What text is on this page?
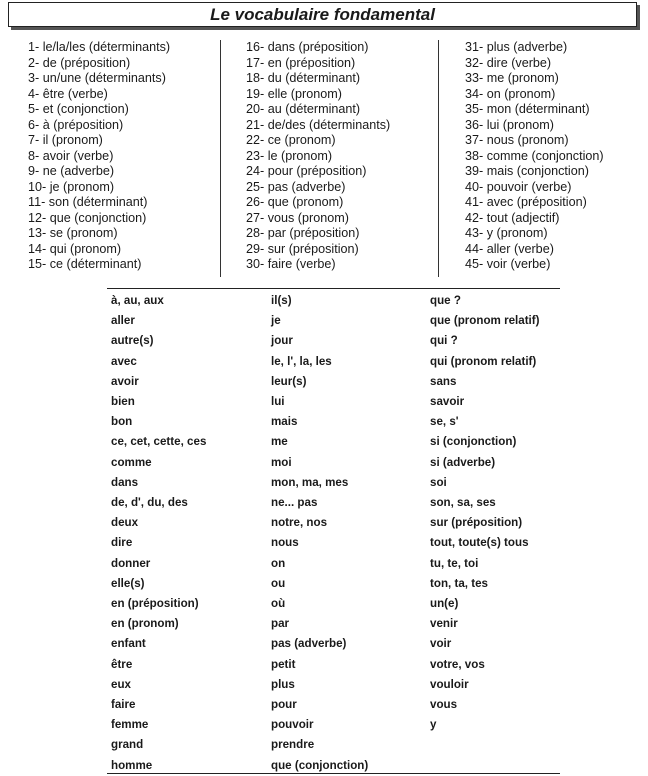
Le vocabulaire fondamental
1- le/la/les (déterminants)
2- de (préposition)
3- un/une (déterminants)
4- être (verbe)
5- et (conjonction)
6- à (préposition)
7- il (pronom)
8- avoir (verbe)
9- ne (adverbe)
10- je (pronom)
11- son (déterminant)
12- que (conjonction)
13- se (pronom)
14- qui (pronom)
15- ce (déterminant)
16- dans (préposition)
17- en (préposition)
18- du (déterminant)
19- elle (pronom)
20- au (déterminant)
21- de/des (déterminants)
22- ce (pronom)
23- le (pronom)
24- pour (préposition)
25- pas (adverbe)
26- que (pronom)
27- vous (pronom)
28- par (préposition)
29- sur (préposition)
30- faire (verbe)
31- plus (adverbe)
32- dire (verbe)
33- me (pronom)
34- on (pronom)
35- mon (déterminant)
36- lui (pronom)
37- nous (pronom)
38- comme (conjonction)
39- mais (conjonction)
40- pouvoir (verbe)
41- avec (préposition)
42- tout (adjectif)
43- y (pronom)
44- aller (verbe)
45- voir (verbe)
à, au, aux
aller
autre(s)
avec
avoir
bien
bon
ce, cet, cette, ces
comme
dans
de, d', du, des
deux
dire
donner
elle(s)
en (préposition)
en (pronom)
enfant
être
eux
faire
femme
grand
homme
il(s)
je
jour
le, l', la, les
leur(s)
lui
mais
me
moi
mon, ma, mes
ne... pas
notre, nos
nous
on
ou
où
par
pas (adverbe)
petit
plus
pour
pouvoir
prendre
que (conjonction)
que ?
que (pronom relatif)
qui ?
qui (pronom relatif)
sans
savoir
se, s'
si (conjonction)
si (adverbe)
soi
son, sa, ses
sur (préposition)
tout, toute(s) tous
tu, te, toi
ton, ta, tes
un(e)
venir
voir
votre, vos
vouloir
vous
y
